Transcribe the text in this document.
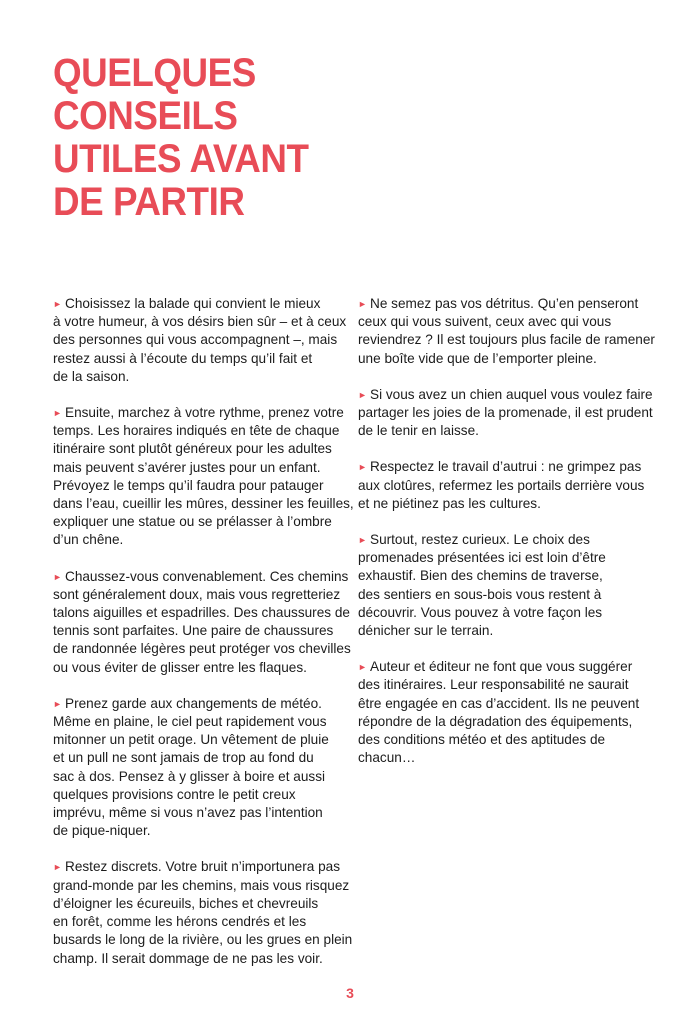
QUELQUES
CONSEILS
UTILES AVANT
DE PARTIR

► Choisissez la balade qui convient le mieux
à votre humeur, à vos désirs bien sûr – et à ceux
des personnes qui vous accompagnent –, mais
restez aussi à l’écoute du temps qu’il fait et
de la saison.

► Ensuite, marchez à votre rythme, prenez votre
temps. Les horaires indiqués en tête de chaque
itinéraire sont plutôt généreux pour les adultes
mais peuvent s’avérer justes pour un enfant.
Prévoyez le temps qu’il faudra pour patauger
dans l’eau, cueillir les mûres, dessiner les feuilles,
expliquer une statue ou se prélasser à l’ombre
d’un chêne.

► Chaussez-vous convenablement. Ces chemins
sont généralement doux, mais vous regretteriez
talons aiguilles et espadrilles. Des chaussures de
tennis sont parfaites. Une paire de chaussures
de randonnée légères peut protéger vos chevilles
ou vous éviter de glisser entre les flaques.

► Prenez garde aux changements de météo.
Même en plaine, le ciel peut rapidement vous
mitonner un petit orage. Un vêtement de pluie
et un pull ne sont jamais de trop au fond du
sac à dos. Pensez à y glisser à boire et aussi
quelques provisions contre le petit creux
imprévu, même si vous n’avez pas l’intention
de pique-niquer.

► Restez discrets. Votre bruit n’importunera pas
grand-monde par les chemins, mais vous risquez
d’éloigner les écureuils, biches et chevreuils
en forêt, comme les hérons cendrés et les
busards le long de la rivière, ou les grues en plein
champ. Il serait dommage de ne pas les voir.

► Ne semez pas vos détritus. Qu’en penseront
ceux qui vous suivent, ceux avec qui vous
reviendrez ? Il est toujours plus facile de ramener
une boîte vide que de l’emporter pleine.

► Si vous avez un chien auquel vous voulez faire
partager les joies de la promenade, il est prudent
de le tenir en laisse.

► Respectez le travail d’autrui : ne grimpez pas
aux clotûres, refermez les portails derrière vous
et ne piétinez pas les cultures.

► Surtout, restez curieux. Le choix des
promenades présentées ici est loin d’être
exhaustif. Bien des chemins de traverse,
des sentiers en sous-bois vous restent à
découvrir. Vous pouvez à votre façon les
dénicher sur le terrain.

► Auteur et éditeur ne font que vous suggérer
des itinéraires. Leur responsabilité ne saurait
être engagée en cas d’accident. Ils ne peuvent
répondre de la dégradation des équipements,
des conditions météo et des aptitudes de
chacun…

3
